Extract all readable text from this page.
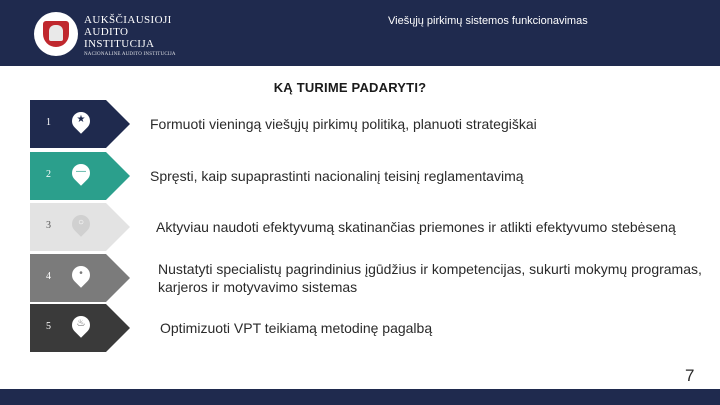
AUKŠČIAUSIOJI
AUDITO INSTITUCIJA
NACIONALINĖ AUDITO INSTITUCIJA
Viešųjų pirkimų sistemos funkcionavimas
KĄ TURIME PADARYTI?
1	★	Formuoti vieningą viešųjų pirkimų politiką, planuoti strategiškai
2	—	Spręsti, kaip supaprastinti nacionalinį teisinį reglamentavimą
3	○	Aktyviau naudoti efektyvumą skatinančias priemones ir atlikti efektyvumo stebėseną
4	•	Nustatyti specialistų pagrindinius įgūdžius ir kompetencijas, sukurti mokymų programas, karjeros ir motyvavimo sistemas
5	♨	Optimizuoti VPT teikiamą metodinę pagalbą
7
